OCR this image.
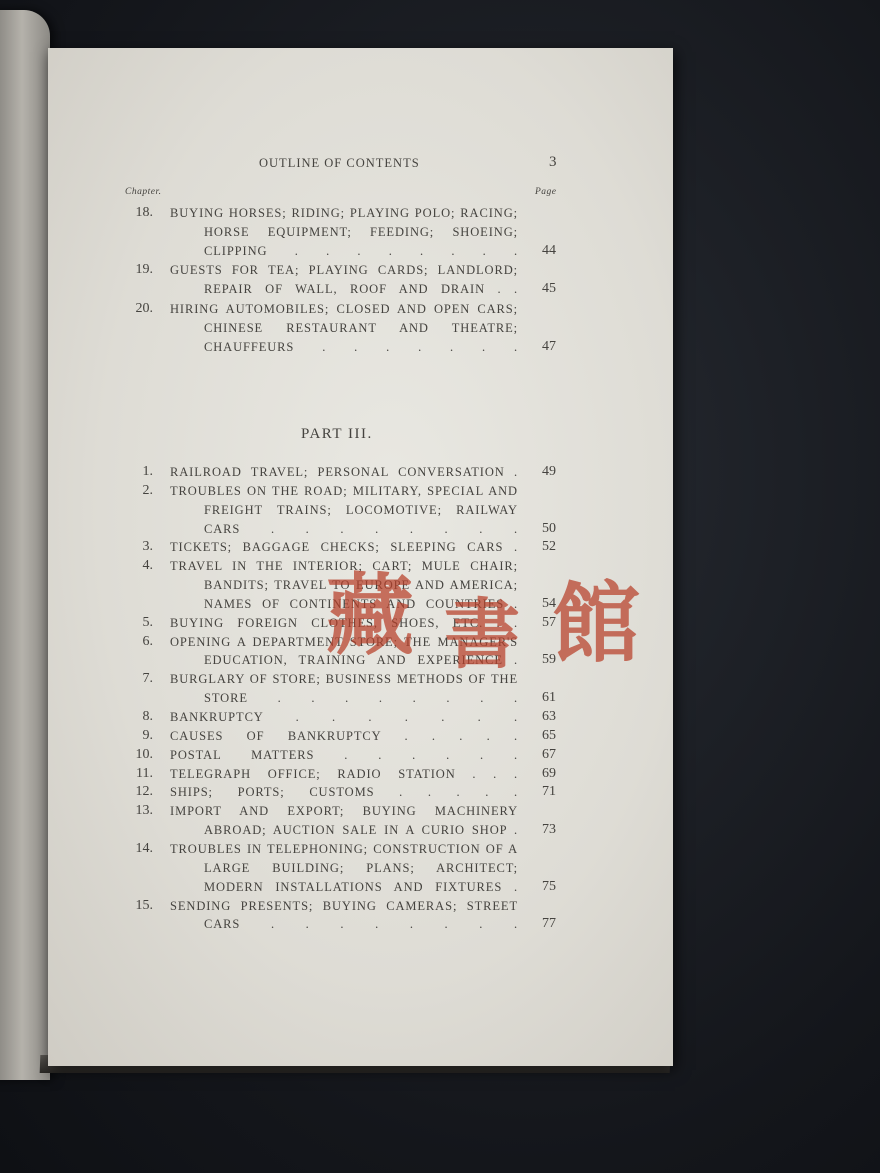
OUTLINE OF CONTENTS	3
Chapter.	Page
18. BUYING HORSES; RIDING; PLAYING POLO; RACING;
HORSE EQUIPMENT; FEEDING; SHOEING;
CLIPPING . . . . . . . . 44
19. GUESTS FOR TEA; PLAYING CARDS; LANDLORD;
REPAIR OF WALL, ROOF AND DRAIN . . 45
20. HIRING AUTOMOBILES; CLOSED AND OPEN CARS;
CHINESE RESTAURANT AND THEATRE;
CHAUFFEURS . . . . . . . 47
PART III.
1. RAILROAD TRAVEL; PERSONAL CONVERSATION . 49
2. TROUBLES ON THE ROAD; MILITARY, SPECIAL AND
FREIGHT TRAINS; LOCOMOTIVE; RAILWAY
CARS . . . . . . . . 50
3. TICKETS; BAGGAGE CHECKS; SLEEPING CARS . 52
4. TRAVEL IN THE INTERIOR; CART; MULE CHAIR;
BANDITS; TRAVEL TO EUROPE AND AMERICA;
NAMES OF CONTINENTS AND COUNTRIES . 54
5. BUYING FOREIGN CLOTHES, SHOES, ETC. . . 57
6. OPENING A DEPARTMENT STORE; THE MANAGER'S
EDUCATION, TRAINING AND EXPERIENCE . 59
7. BURGLARY OF STORE; BUSINESS METHODS OF THE
STORE . . . . . . . . 61
8. BANKRUPTCY . . . . . . . 63
9. CAUSES OF BANKRUPTCY . . . . . 65
10. POSTAL MATTERS . . . . . . 67
11. TELEGRAPH OFFICE; RADIO STATION . . . 69
12. SHIPS; PORTS; CUSTOMS . . . . . 71
13. IMPORT AND EXPORT; BUYING MACHINERY
ABROAD; AUCTION SALE IN A CURIO SHOP . 73
14. TROUBLES IN TELEPHONING; CONSTRUCTION OF A
LARGE BUILDING; PLANS; ARCHITECT;
MODERN INSTALLATIONS AND FIXTURES . 75
15. SENDING PRESENTS; BUYING CAMERAS; STREET
CARS . . . . . . . . 77
藏 書 館
